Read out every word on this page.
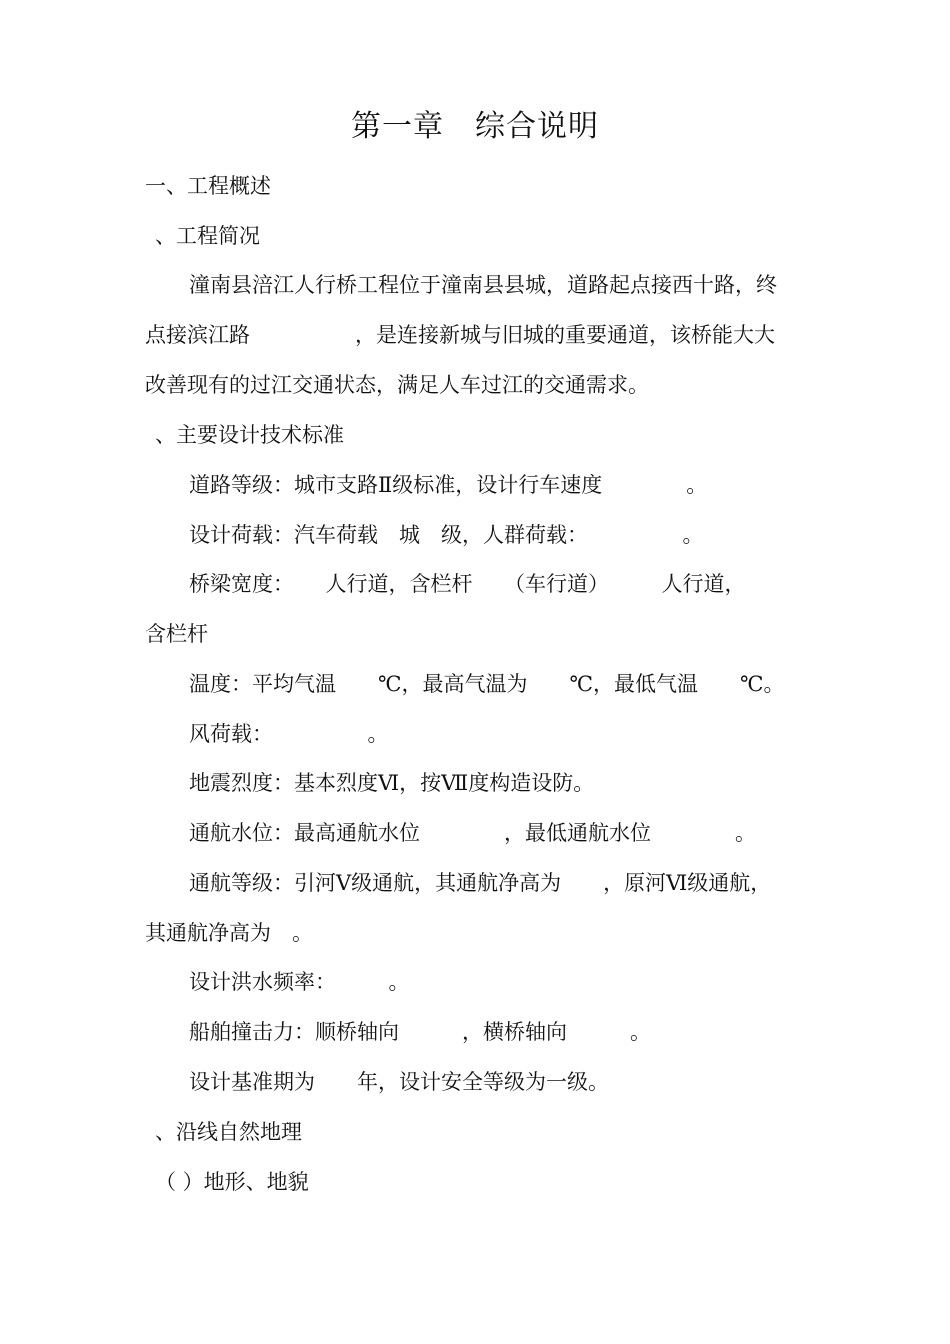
第一章　综合说明
一、工程概述
、工程简况
潼南县涪江人行桥工程位于潼南县县城，道路起点接西十路，终
点接滨江路　　　　　，是连接新城与旧城的重要通道，该桥能大大
改善现有的过江交通状态，满足人车过江的交通需求。
、主要设计技术标准
道路等级：城市支路Ⅱ级标准，设计行车速度　　　　。
设计荷载：汽车荷载　城　级，人群荷载：　　　　　。
桥梁宽度：　　人行道，含栏杆　　（车行道）　　　人行道，
含栏杆
温度：平均气温　　℃，最高气温为　　℃，最低气温　　℃。
风荷载：　　　　　。
地震烈度：基本烈度Ⅵ，按Ⅶ度构造设防。
通航水位：最高通航水位　　　　，最低通航水位　　　　。
通航等级：引河Ⅴ级通航，其通航净高为　　，原河Ⅵ级通航，
其通航净高为　。
设计洪水频率：　　　。
船舶撞击力：顺桥轴向　　　，横桥轴向　　　。
设计基准期为　　年，设计安全等级为一级。
、沿线自然地理
（ ）地形、地貌
